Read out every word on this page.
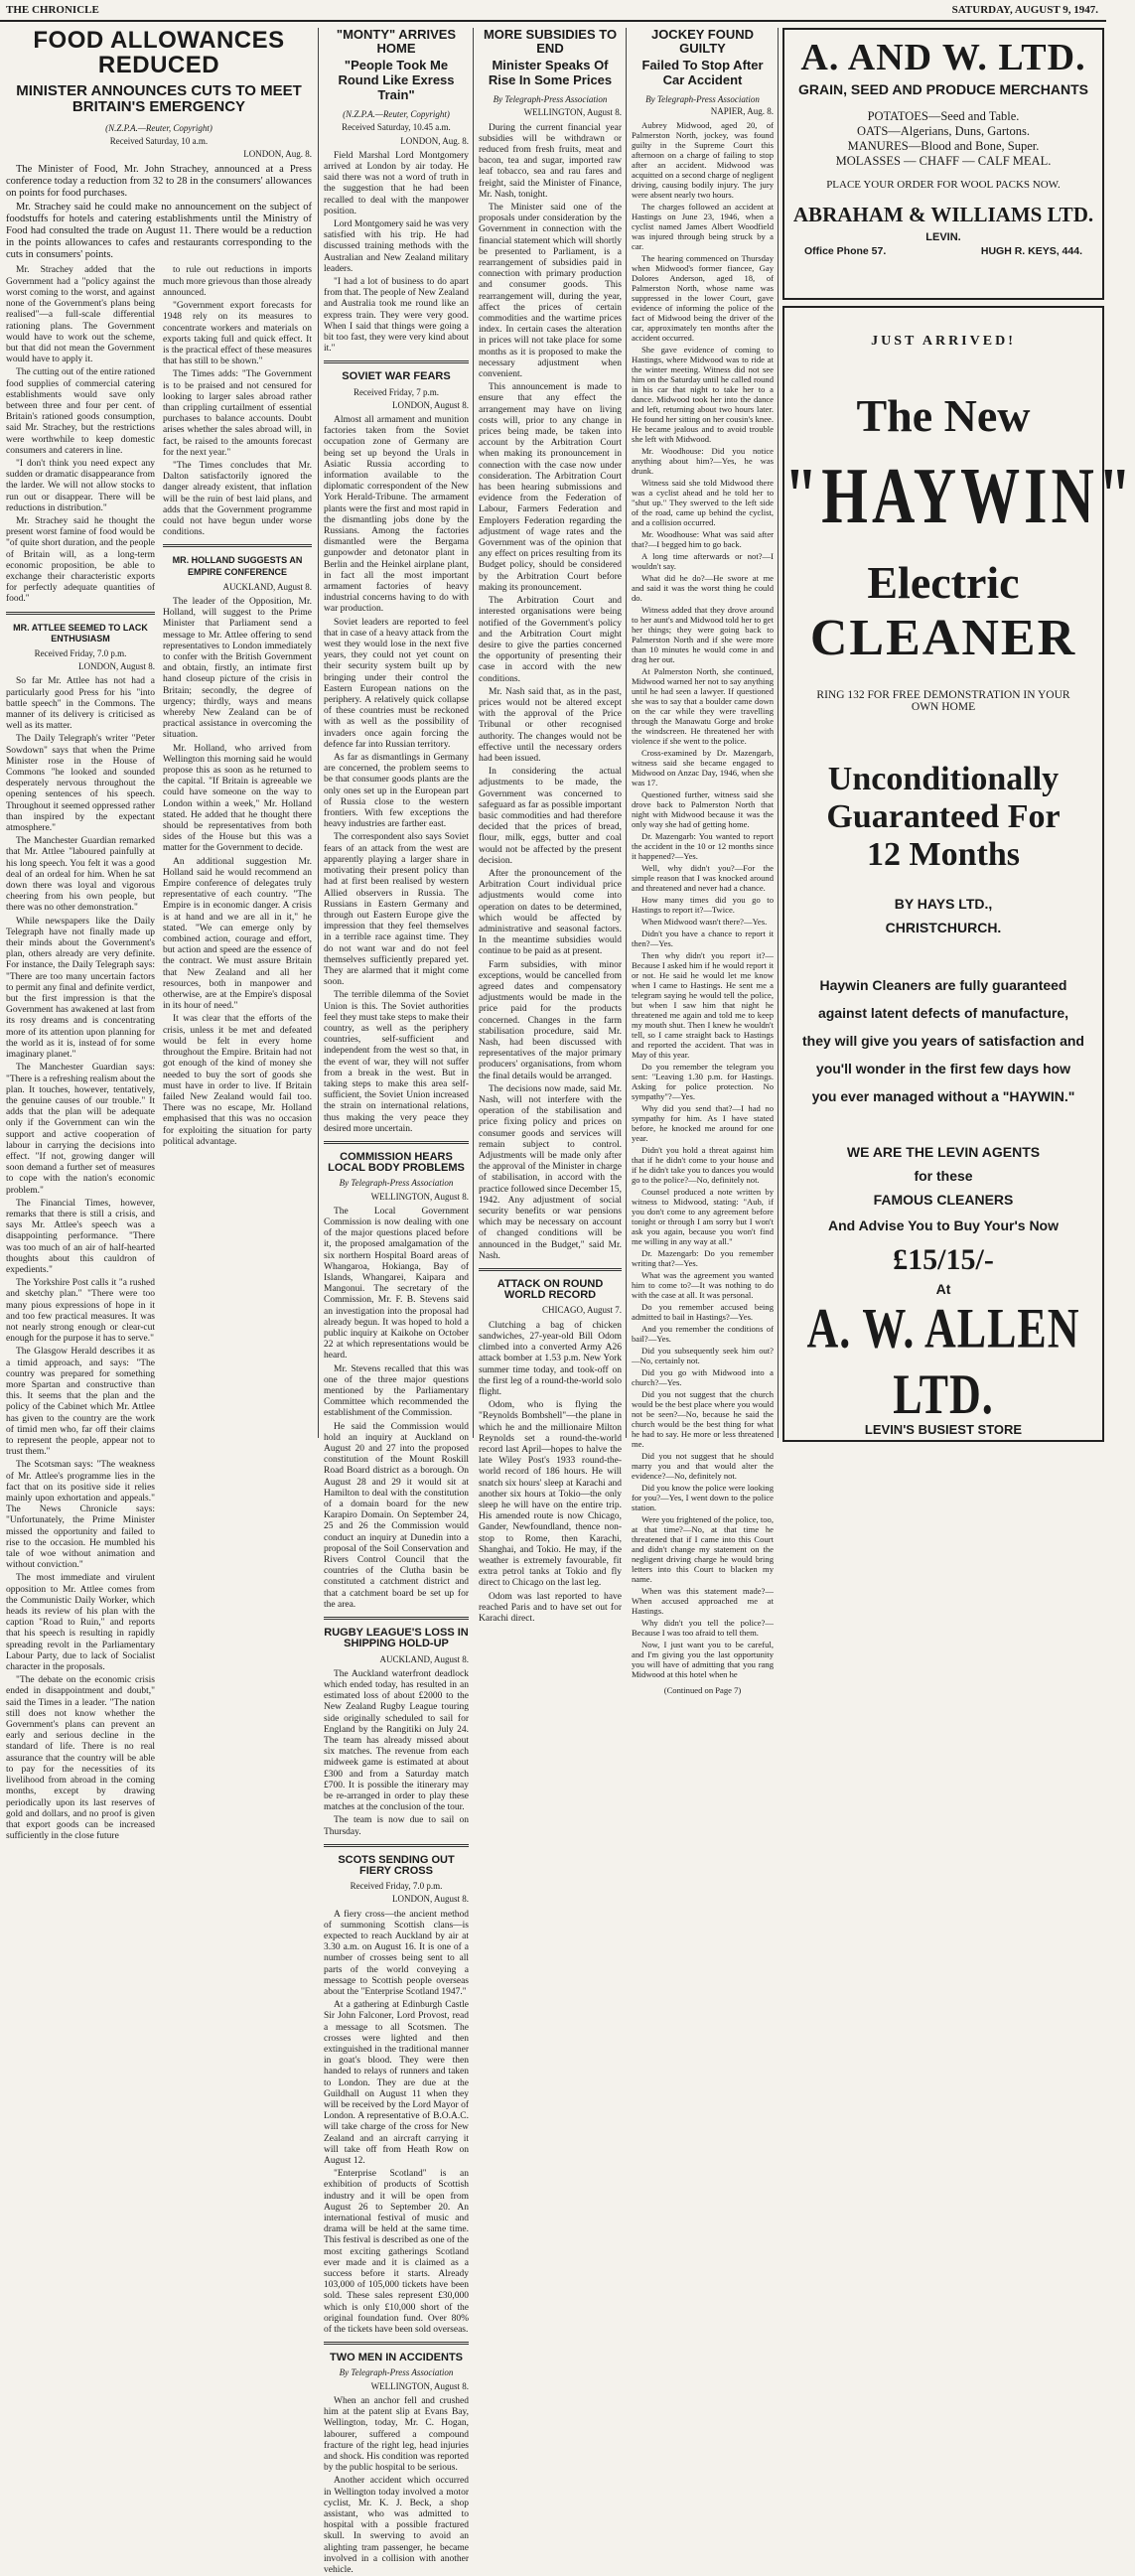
THE CHRONICLE	SATURDAY, AUGUST 9, 1947.
FOOD ALLOWANCES REDUCED
MINISTER ANNOUNCES CUTS TO MEET BRITAIN'S EMERGENCY
(N.Z.P.A.—Reuter, Copyright)
Received Saturday, 10 a.m.
LONDON, Aug. 8.

The Minister of Food, Mr. John Strachey, announced at a Press conference today a reduction from 32 to 28 in the consumers' allowances on points for food purchases.

Mr. Strachey said he could make no announcement on the subject of foodstuffs for hotels and catering establishments until the Ministry of Food had consulted the trade on August 11. There would be a reduction in the points allowances to cafes and restaurants corresponding to the cuts in consumers' points.

Mr. Strachey added that the Government had a "policy against the worst coming to the worst, and against none of the Government's plans being realised"—a full-scale differential rationing plans. The Government would have to work out the scheme, but that did not mean the Government would have to apply it.

The cutting out of the entire rationed food supplies of commercial catering establishments would save only between three and four per cent. of Britain's rationed goods consumption, said Mr. Strachey, but the restrictions were worthwhile to keep domestic consumers and caterers in line.

"I don't think you need expect any sudden or dramatic disappearance from the larder. We will not allow stocks to run out or disappear. There will be reductions in distribution."

Mr. Strachey said he thought the present worst famine of food would be "of quite short duration, and the people of Britain will, as a long-term economic proposition, be able to exchange their characteristic exports for perfectly adequate quantities of food."

MR. ATTLEE SEEMED TO LACK ENTHUSIASM
Received Friday, 7.0 p.m.
LONDON, August 8.

So far Mr. Attlee has not had a particularly good Press for his "into battle speech" in the Commons. The manner of its delivery is criticised as well as its matter.

The Daily Telegraph's writer "Peter Sowdown" says that when the Prime Minister rose in the House of Commons "he looked and sounded desperately nervous throughout the opening sentences of his speech. Throughout it seemed oppressed rather than inspired by the expectant atmosphere."

The Manchester Guardian remarked that Mr. Attlee "laboured painfully at his long speech. You felt it was a good deal of an ordeal for him. When he sat down there was loyal and vigorous cheering from his own people, but there was no other demonstration."

While newspapers like the Daily Telegraph have not finally made up their minds about the Government's plan, others already are very definite. For instance, the Daily Telegraph says: "There are too many uncertain factors to permit any final and definite verdict, but the first impression is that the Government has awakened at last from its rosy dreams and is concentrating more of its attention upon planning for the world as it is, instead of for some imaginary planet."

The Manchester Guardian says: "There is a refreshing realism about the plan. It touches, however, tentatively, the genuine causes of our trouble." It adds that the plan will be adequate only if the Government can win the support and active cooperation of labour in carrying the decisions into effect. "If not, growing danger will soon demand a further set of measures to cope with the nation's economic problem."

The Financial Times, however, remarks that there is still a crisis, and says Mr. Attlee's speech was a disappointing performance. "There was too much of an air of half-hearted thoughts about this cauldron of expedients."

The Yorkshire Post calls it "a rushed and sketchy plan." "There were too many pious expressions of hope in it and too few practical measures. It was not nearly strong enough or clear-cut enough for the purpose it has to serve."

The Glasgow Herald describes it as a timid approach, and says: "The country was prepared for something more Spartan and constructive than this. It seems that the plan and the policy of the Cabinet which Mr. Attlee has given to the country are the work of timid men who, far off their claims to represent the people, appear not to trust them."

The Scotsman says: "The weakness of Mr. Attlee's programme lies in the fact that on its positive side it relies mainly upon exhortation and appeals." The News Chronicle says: "Unfortunately, the Prime Minister missed the opportunity and failed to rise to the occasion. He mumbled his tale of woe without animation and without conviction."

The most immediate and virulent opposition to Mr. Attlee comes from the Communistic Daily Worker, which heads its review of his plan with the caption "Road to Ruin," and reports that his speech is resulting in rapidly spreading revolt in the Parliamentary Labour Party, due to lack of Socialist character in the proposals.

"The debate on the economic crisis ended in disappointment and doubt," said the Times in a leader. "The nation still does not know whether the Government's plans can prevent an early and serious decline in the standard of life. There is no real assurance that the country will be able to pay for the necessities of its livelihood from abroad in the coming months, except by drawing periodically upon its last reserves of gold and dollars, and no proof is given that export goods can be increased sufficiently in the close future

to rule out reductions in imports much more grievous than those already announced.

"Government export forecasts for 1948 rely on its measures to concentrate workers and materials on exports taking full and quick effect. It is the practical effect of these measures that has still to be shown."

The Times adds: "The Government is to be praised and not censured for looking to larger sales abroad rather than crippling curtailment of essential purchases to balance accounts. Doubt arises whether the sales abroad will, in fact, be raised to the amounts forecast for the next year."

"The Times concludes that Mr. Dalton satisfactorily ignored the danger already existent, that inflation will be the ruin of best laid plans, and adds that the Government programme could not have begun under worse conditions.

MR. HOLLAND SUGGESTS AN EMPIRE CONFERENCE
AUCKLAND, August 8.

The leader of the Opposition, Mr. Holland, will suggest to the Prime Minister that Parliament send a message to Mr. Attlee offering to send representatives to London immediately to confer with the British Government and obtain, firstly, an intimate first hand closeup picture of the crisis in Britain; secondly, the degree of urgency; thirdly, ways and means whereby New Zealand can be of practical assistance in overcoming the situation.

Mr. Holland, who arrived from Wellington this morning said he would propose this as soon as he returned to the capital. "If Britain is agreeable we could have someone on the way to London within a week," Mr. Holland stated. He added that he thought there should be representatives from both sides of the House but this was a matter for the Government to decide.

An additional suggestion Mr. Holland said he would recommend an Empire conference of delegates truly representative of each country. "The Empire is in economic danger. A crisis is at hand and we are all in it," he stated. "We can emerge only by combined action, courage and effort, but action and speed are the essence of the contract. We must assure Britain that New Zealand and all her resources, both in manpower and otherwise, are at the Empire's disposal in its hour of need."

It was clear that the efforts of the crisis, unless it be met and defeated would be felt in every home throughout the Empire. Britain had not got enough of the kind of money she needed to buy the sort of goods she must have in order to live. If Britain failed New Zealand would fail too. There was no escape, Mr. Holland emphasised that this was no occasion for exploiting the situation for party political advantage.

"MONTY" ARRIVES HOME
"People Took Me Round Like Exress Train"
(N.Z.P.A.—Reuter, Copyright)
Received Saturday, 10.45 a.m.
LONDON, Aug. 8.

Field Marshal Lord Montgomery arrived at London by air today. He said there was not a word of truth in the suggestion that he had been recalled to deal with the manpower position.

Lord Montgomery said he was very satisfied with his trip. He had discussed training methods with the Australian and New Zealand military leaders.

"I had a lot of business to do apart from that. The people of New Zealand and Australia took me round like an express train. They were very good. When I said that things were going a bit too fast, they were very kind about it."

SOVIET WAR FEARS
Received Friday, 7 p.m.
LONDON, August 8.

Almost all armament and munition factories taken from the Soviet occupation zone of Germany are being set up beyond the Urals in Asiatic Russia according to information available to the diplomatic correspondent of the New York Herald-Tribune. The armament plants were the first and most rapid in the dismantling jobs done by the Russians. Among the factories dismantled were the Bergama gunpowder and detonator plant in Berlin and the Heinkel airplane plant, in fact all the most important armament factories of heavy industrial concerns having to do with war production.

Soviet leaders are reported to feel that in case of a heavy attack from the west they would lose in the next five years, they could not yet count on their security system built up by bringing under their control the Eastern European nations on the periphery. A relatively quick collapse of these countries must be reckoned with as well as the possibility of invaders once again forcing the defence far into Russian territory.

As far as dismantlings in Germany are concerned, the problem seems to be that consumer goods plants are the only ones set up in the European part of Russia close to the western frontiers. With few exceptions the heavy industries are farther east.

The correspondent also says Soviet fears of an attack from the west are apparently playing a larger share in motivating their present policy than had at first been realised by western Allied observers in Russia. The Russians in Eastern Germany and through out Eastern Europe give the impression that they feel themselves in a terrible race against time. They do not want war and do not feel themselves sufficiently prepared yet. They are alarmed that it might come soon.

The terrible dilemma of the Soviet Union is this. The Soviet authorities feel they must take steps to make their country, as well as the periphery countries, self-sufficient and independent from the west so that, in the event of war, they will not suffer from a break in the west. But in taking steps to make this area self-sufficient, the Soviet Union increased the strain on international relations, thus making the very peace they desired more uncertain.

COMMISSION HEARS LOCAL BODY PROBLEMS
By Telegraph-Press Association
WELLINGTON, August 8.

The Local Government Commission is now dealing with one of the major questions placed before it, the proposed amalgamation of the six northern Hospital Board areas of Whangaroa, Hokianga, Bay of Islands, Whangarei, Kaipara and Mangonui. The secretary of the Commission, Mr. F. B. Stevens said an investigation into the proposal had already begun. It was hoped to hold a public inquiry at Kaikohe on October 22 at which representations would be heard.

Mr. Stevens recalled that this was one of the three major questions mentioned by the Parliamentary Committee which recommended the establishment of the Commission.

He said the Commission would hold an inquiry at Auckland on August 20 and 27 into the proposed constitution of the Mount Roskill Road Board district as a borough. On August 28 and 29 it would sit at Hamilton to deal with the constitution of a domain board for the new Karapiro Domain. On September 24, 25 and 26 the Commission would conduct an inquiry at Dunedin into a proposal of the Soil Conservation and Rivers Control Council that the countries of the Clutha basin be constituted a catchment district and that a catchment board be set up for the area.

RUGBY LEAGUE'S LOSS IN SHIPPING HOLD-UP
AUCKLAND, August 8.

The Auckland waterfront deadlock which ended today, has resulted in an estimated loss of about £2000 to the New Zealand Rugby League touring side originally scheduled to sail for England by the Rangitiki on July 24. The team has already missed about six matches. The revenue from each midweek game is estimated at about £300 and from a Saturday match £700. It is possible the itinerary may be re-arranged in order to play these matches at the conclusion of the tour.

The team is now due to sail on Thursday.

SCOTS SENDING OUT FIERY CROSS
Received Friday, 7.0 p.m.
LONDON, August 8.

A fiery cross—the ancient method of summoning Scottish clans—is expected to reach Auckland by air at 3.30 a.m. on August 16. It is one of a number of crosses being sent to all parts of the world conveying a message to Scottish people overseas about the "Enterprise Scotland 1947."

At a gathering at Edinburgh Castle Sir John Falconer, Lord Provost, read a message to all Scotsmen. The crosses were lighted and then extinguished in the traditional manner in goat's blood. They were then handed to relays of runners and taken to London. They are due at the Guildhall on August 11 when they will be received by the Lord Mayor of London. A representative of B.O.A.C. will take charge of the cross for New Zealand and an aircraft carrying it will take off from Heath Row on August 12.

"Enterprise Scotland" is an exhibition of products of Scottish industry and it will be open from August 26 to September 20. An international festival of music and drama will be held at the same time. This festival is described as one of the most exciting gatherings Scotland ever made and it is claimed as a success before it starts. Already 103,000 of 105,000 tickets have been sold. These sales represent £30,000 which is only £10,000 short of the original foundation fund. Over 80% of the tickets have been sold overseas.

TWO MEN IN ACCIDENTS
By Telegraph-Press Association
WELLINGTON, August 8.

When an anchor fell and crushed him at the patent slip at Evans Bay, Wellington, today, Mr. C. Hogan, labourer, suffered a compound fracture of the right leg, head injuries and shock. His condition was reported by the public hospital to be serious.

Another accident which occurred in Wellington today involved a motor cyclist, Mr. K. J. Beck, a shop assistant, who was admitted to hospital with a possible fractured skull. In swerving to avoid an alighting tram passenger, he became involved in a collision with another vehicle.

MORE SUBSIDIES TO END
Minister Speaks Of Rise In Some Prices
By Telegraph-Press Association
WELLINGTON, August 8.

During the current financial year subsidies will be withdrawn or reduced from fresh fruits, meat and bacon, tea and sugar, imported raw leaf tobacco, sea and rau fares and freight, said the Minister of Finance, Mr. Nash, tonight.

The Minister said one of the proposals under consideration by the Government in connection with the financial statement which will shortly be presented to Parliament, is a rearrangement of subsidies paid in connection with primary production and consumer goods. This rearrangement will, during the year, affect the prices of certain commodities and the wartime prices index. In certain cases the alteration in prices will not take place for some months as it is proposed to make the necessary adjustment when convenient.

This announcement is made to ensure that any effect the arrangement may have on living costs will, prior to any change in prices being made, be taken into account by the Arbitration Court when making its pronouncement in connection with the case now under consideration. The Arbitration Court has been hearing submissions and evidence from the Federation of Labour, Farmers Federation and Employers Federation regarding the adjustment of wage rates and the Government was of the opinion that any effect on prices resulting from its Budget policy, should be considered by the Arbitration Court before making its pronouncement.

The Arbitration Court and interested organisations were being notified of the Government's policy and the Arbitration Court might desire to give the parties concerned the opportunity of presenting their case in accord with the new conditions.

Mr. Nash said that, as in the past, prices would not be altered except with the approval of the Price Tribunal or other recognised authority. The changes would not be effective until the necessary orders had been issued.

In considering the actual adjustments to be made, the Government was concerned to safeguard as far as possible important basic commodities and had therefore decided that the prices of bread, flour, milk, eggs, butter and coal would not be affected by the present decision.

After the pronouncement of the Arbitration Court individual price adjustments would come into operation on dates to be determined, which would be affected by administrative and seasonal factors. In the meantime subsidies would continue to be paid as at present.

Farm subsidies, with minor exceptions, would be cancelled from agreed dates and compensatory adjustments would be made in the price paid for the products concerned. Changes in the farm stabilisation procedure, said Mr. Nash, had been discussed with representatives of the major primary producers' organisations, from whom the final details would be arranged.

The decisions now made, said Mr. Nash, will not interfere with the operation of the stabilisation and price fixing policy and prices on consumer goods and services will remain subject to control. Adjustments will be made only after the approval of the Minister in charge of stabilisation, in accord with the practice followed since December 15, 1942. Any adjustment of social security benefits or war pensions which may be necessary on account of changed conditions will be announced in the Budget," said Mr. Nash.

ATTACK ON ROUND WORLD RECORD
CHICAGO, August 7.

Clutching a bag of chicken sandwiches, 27-year-old Bill Odom climbed into a converted Army A26 attack bomber at 1.53 p.m. New York summer time today, and took-off on the first leg of a round-the-world solo flight.

Odom, who is flying the "Reynolds Bombshell"—the plane in which he and the millionaire Milton Reynolds set a round-the-world record last April—hopes to halve the late Wiley Post's 1933 round-the-world record of 186 hours. He will snatch six hours' sleep at Karachi and another six hours at Tokio—the only sleep he will have on the entire trip. His amended route is now Chicago, Gander, Newfoundland, thence non-stop to Rome, then Karachi, Shanghai, and Tokio. He may, if the weather is extremely favourable, fit extra petrol tanks at Tokio and fly direct to Chicago on the last leg.

Odom was last reported to have reached Paris and to have set out for Karachi direct.

JOCKEY FOUND GUILTY
Failed To Stop After Car Accident
By Telegraph-Press Association
NAPIER, Aug. 8.

Aubrey Midwood, aged 20, of Palmerston North, jockey, was found guilty in the Supreme Court this afternoon on a charge of failing to stop after an accident. Midwood was acquitted on a second charge of negligent driving, causing bodily injury. The jury were absent nearly two hours.

The charges followed an accident at Hastings on June 23, 1946, when a cyclist named James Albert Woodfield was injured through being struck by a car.

The hearing commenced on Thursday when Midwood's former fiancee, Gay Dolores Anderson, aged 18, of Palmerston North, whose name was suppressed in the lower Court, gave evidence of informing the police of the fact of Midwood being the driver of the car, approximately ten months after the accident occurred.

She gave evidence of coming to Hastings, where Midwood was to ride at the winter meeting. Witness did not see him on the Saturday until he called round in his car that night to take her to a dance. Midwood took her into the dance and left, returning about two hours later. He found her sitting on her cousin's knee. He became jealous and to avoid trouble she left with Midwood.

Mr. Woodhouse: Did you notice anything about him?—Yes, he was drunk.

Witness said she told Midwood there was a cyclist ahead and he told her to "shut up." They swerved to the left side of the road, came up behind the cyclist, and a collision occurred.

Mr. Woodhouse: What was said after that?—I begged him to go back.

A long time afterwards or not?—I wouldn't say.

What did he do?—He swore at me and said it was the worst thing he could do.

Witness added that they drove around to her aunt's and Midwood told her to get her things; they were going back to Palmerston North and if she were more than 10 minutes he would come in and drag her out.

At Palmerston North, she continued, Midwood warned her not to say anything until he had seen a lawyer. If questioned she was to say that a boulder came down on the car while they were travelling through the Manawatu Gorge and broke the windscreen. He threatened her with violence if she went to the police.

Cross-examined by Dr. Mazengarb, witness said she became engaged to Midwood on Anzac Day, 1946, when she was 17.

Questioned further, witness said she drove back to Palmerston North that night with Midwood because it was the only way she had of getting home.

Dr. Mazengarb: You wanted to report the accident in the 10 or 12 months since it happened?—Yes.

Well, why didn't you?—For the simple reason that I was knocked around and threatened and never had a chance.

How many times did you go to Hastings to report it?—Twice.

When Midwood wasn't there?—Yes.

Didn't you have a chance to report it then?—Yes.

Then why didn't you report it?—Because I asked him if he would report it or not. He said he would let me know when I came to Hastings. He sent me a telegram saying he would tell the police, but when I saw him that night he threatened me again and told me to keep my mouth shut. Then I knew he wouldn't tell, so I came straight back to Hastings and reported the accident. That was in May of this year.

Do you remember the telegram you sent: "Leaving 1.30 p.m. for Hastings. Asking for police protection. No sympathy"?—Yes.

Why did you send that?—I had no sympathy for him. As I have stated before, he knocked me around for one year.

Didn't you hold a threat against him that if he didn't come to your house and if he didn't take you to dances you would go to the police?—No, definitely not.

Counsel produced a note written by witness to Midwood, stating: "Aub, if you don't come to any agreement before tonight or through I am sorry but I won't ask you again, because you won't find me willing in any way at all."

Dr. Mazengarb: Do you remember writing that?—Yes.

What was the agreement you wanted him to come to?—It was nothing to do with the case at all. It was personal.

Do you remember accused being admitted to bail in Hastings?—Yes.

And you remember the conditions of bail?—Yes.

Did you subsequently seek him out?—No, certainly not.

Did you go with Midwood into a church?—Yes.

Did you not suggest that the church would be the best place where you would not be seen?—No, because he said the church would be the best thing for what he had to say. He more or less threatened me.

Did you not suggest that he should marry you and that would alter the evidence?—No, definitely not.

Did you know the police were looking for you?—Yes, I went down to the police station.

Were you frightened of the police, too, at that time?—No, at that time he threatened that if I came into this Court and didn't change my statement on the negligent driving charge he would bring letters into this Court to blacken my name.

When was this statement made?—When accused approached me at Hastings.

Why didn't you tell the police?—Because I was too afraid to tell them.

Now, I just want you to be careful, and I'm giving you the last opportunity you will have of admitting that you rang Midwood at this hotel when he

(Continued on Page 7)
A. AND W. LTD.
GRAIN, SEED AND PRODUCE MERCHANTS
POTATOES—Seed and Table.
OATS—Algerians, Duns, Gartons.
MANURES—Blood and Bone, Super.
MOLASSES — CHAFF — CALF MEAL.
PLACE YOUR ORDER FOR WOOL PACKS NOW.
ABRAHAM & WILLIAMS LTD.
LEVIN.
Office Phone 57.	HUGH R. KEYS, 444.
JUST ARRIVED!
The New
"HAYWIN"
Electric
CLEANER
RING 132 FOR FREE DEMONSTRATION IN YOUR OWN HOME
Unconditionally
Guaranteed For
12 Months
BY HAYS LTD.,
CHRISTCHURCH.
Haywin Cleaners are fully guaranteed against latent defects of manufacture, they will give you years of satisfaction and you'll wonder in the first few days how you ever managed without a "HAYWIN."
WE ARE THE LEVIN AGENTS
for these
FAMOUS CLEANERS
And Advise You to Buy Your's Now
£15/15/-
At
A. W. ALLEN LTD.
LEVIN'S BUSIEST STORE
